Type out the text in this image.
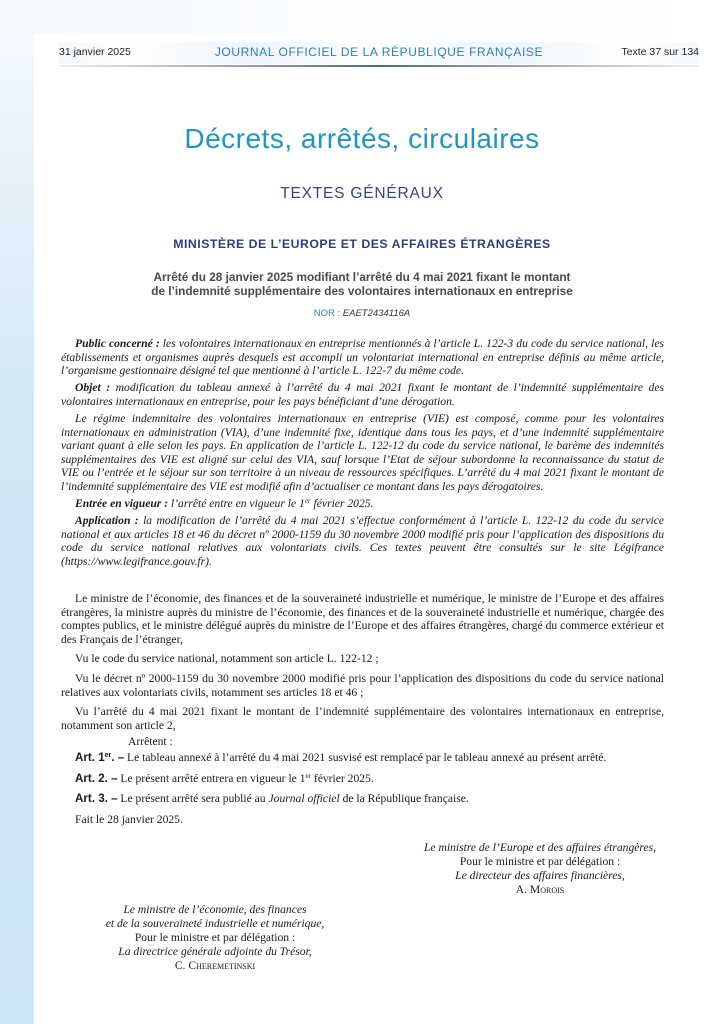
31 janvier 2025	JOURNAL OFFICIEL DE LA RÉPUBLIQUE FRANÇAISE	Texte 37 sur 134
Décrets, arrêtés, circulaires
TEXTES GÉNÉRAUX
MINISTÈRE DE L’EUROPE ET DES AFFAIRES ÉTRANGÈRES
Arrêté du 28 janvier 2025 modifiant l’arrêté du 4 mai 2021 fixant le montant
de l’indemnité supplémentaire des volontaires internationaux en entreprise
NOR : EAET2434116A

Public concerné : les volontaires internationaux en entreprise mentionnés à l’article L. 122-3 du code du service national, les établissements et organismes auprès desquels est accompli un volontariat international en entreprise définis au même article, l’organisme gestionnaire désigné tel que mentionné à l’article L. 122-7 du même code.

Objet : modification du tableau annexé à l’arrêté du 4 mai 2021 fixant le montant de l’indemnité supplémentaire des volontaires internationaux en entreprise, pour les pays bénéficiant d’une dérogation.

Le régime indemnitaire des volontaires internationaux en entreprise (VIE) est composé, comme pour les volontaires internationaux en administration (VIA), d’une indemnité fixe, identique dans tous les pays, et d’une indemnité supplémentaire variant quant à elle selon les pays. En application de l’article L. 122-12 du code du service national, le barème des indemnités supplémentaires des VIE est aligné sur celui des VIA, sauf lorsque l’Etat de séjour subordonne la reconnaissance du statut de VIE ou l’entrée et le séjour sur son territoire à un niveau de ressources spécifiques. L’arrêté du 4 mai 2021 fixant le montant de l’indemnité supplémentaire des VIE est modifié afin d’actualiser ce montant dans les pays dérogatoires.

Entrée en vigueur : l’arrêté entre en vigueur le 1er février 2025.

Application : la modification de l’arrêté du 4 mai 2021 s’effectue conformément à l’article L. 122-12 du code du service national et aux articles 18 et 46 du décret nº 2000-1159 du 30 novembre 2000 modifié pris pour l’application des dispositions du code du service national relatives aux volontariats civils. Ces textes peuvent être consultés sur le site Légifrance (https://www.legifrance.gouv.fr).

Le ministre de l’économie, des finances et de la souveraineté industrielle et numérique, le ministre de l’Europe et des affaires étrangères, la ministre auprès du ministre de l’économie, des finances et de la souveraineté industrielle et numérique, chargée des comptes publics, et le ministre délégué auprès du ministre de l’Europe et des affaires étrangères, chargé du commerce extérieur et des Français de l’étranger,

Vu le code du service national, notamment son article L. 122-12 ;

Vu le décret nº 2000-1159 du 30 novembre 2000 modifié pris pour l’application des dispositions du code du service national relatives aux volontariats civils, notamment ses articles 18 et 46 ;

Vu l’arrêté du 4 mai 2021 fixant le montant de l’indemnité supplémentaire des volontaires internationaux en entreprise, notamment son article 2,

Arrêtent :

Art. 1er. – Le tableau annexé à l’arrêté du 4 mai 2021 susvisé est remplacé par le tableau annexé au présent arrêté.

Art. 2. – Le présent arrêté entrera en vigueur le 1er février 2025.

Art. 3. – Le présent arrêté sera publié au Journal officiel de la République française.

Fait le 28 janvier 2025.

Le ministre de l’Europe et des affaires étrangères,
Pour le ministre et par délégation :
Le directeur des affaires financières,
A. Morois
Le ministre de l’économie, des finances
et de la souveraineté industrielle et numérique,
Pour le ministre et par délégation :
La directrice générale adjointe du Trésor,
C. Cheremetinski
